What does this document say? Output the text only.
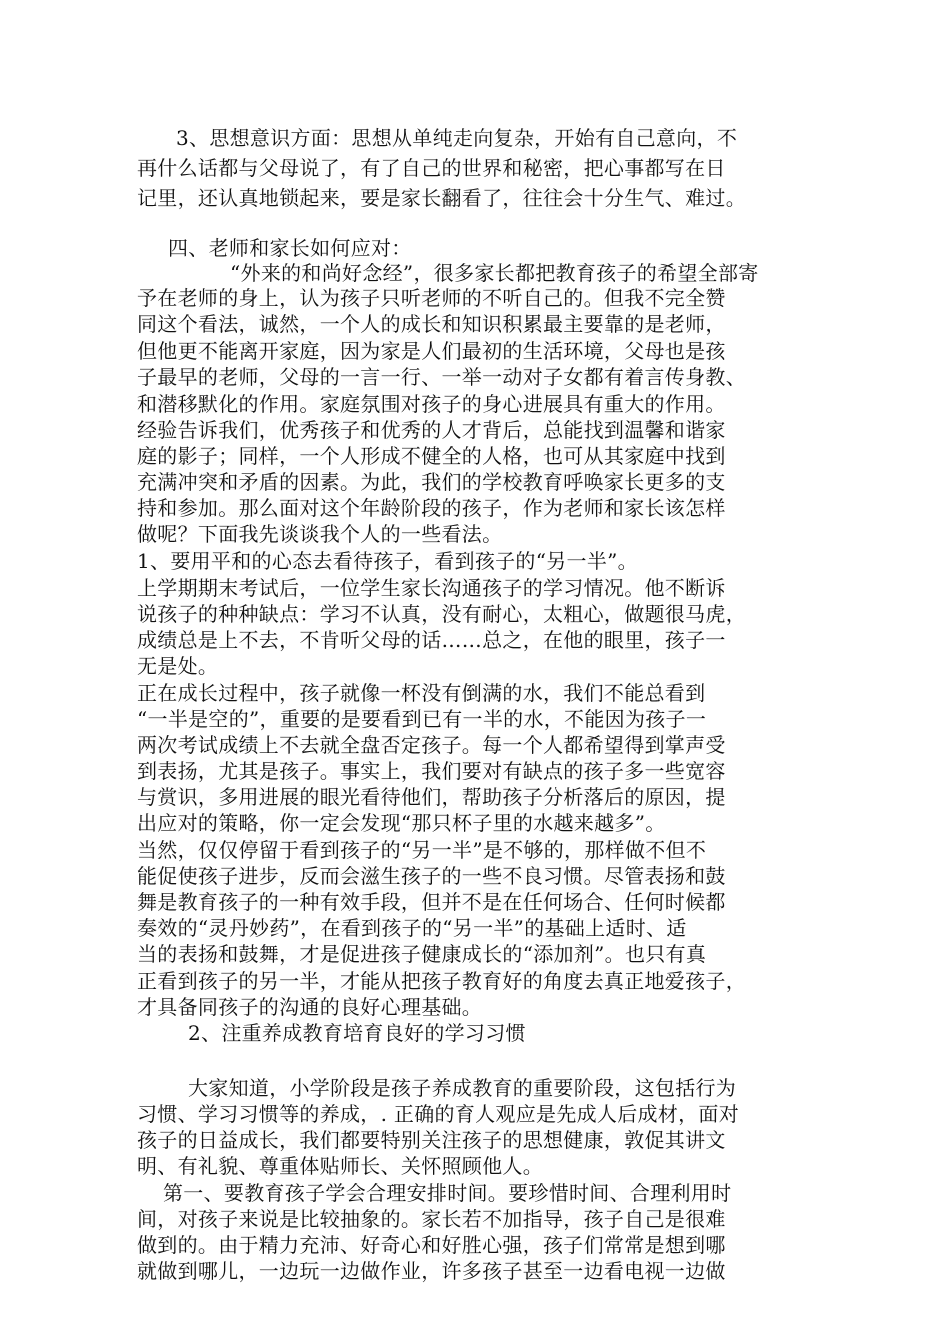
3、思想意识方面：思想从单纯走向复杂，开始有自己意向，不
再什么话都与父母说了，有了自己的世界和秘密，把心事都写在日
记里，还认真地锁起来，要是家长翻看了，往往会十分生气、难过。
四、老师和家长如何应对：
“外来的和尚好念经”，很多家长都把教育孩子的希望全部寄
予在老师的身上，认为孩子只听老师的不听自己的。但我不完全赞
同这个看法，诚然，一个人的成长和知识积累最主要靠的是老师，
但他更不能离开家庭，因为家是人们最初的生活环境，父母也是孩
子最早的老师，父母的一言一行、一举一动对子女都有着言传身教、
和潜移默化的作用。家庭氛围对孩子的身心进展具有重大的作用。
经验告诉我们，优秀孩子和优秀的人才背后，总能找到温馨和谐家
庭的影子；同样，一个人形成不健全的人格，也可从其家庭中找到
充满冲突和矛盾的因素。为此，我们的学校教育呼唤家长更多的支
持和参加。那么面对这个年龄阶段的孩子，作为老师和家长该怎样
做呢？下面我先谈谈我个人的一些看法。
1、要用平和的心态去看待孩子，看到孩子的“另一半”。
上学期期末考试后，一位学生家长沟通孩子的学习情况。他不断诉
说孩子的种种缺点：学习不认真，没有耐心，太粗心，做题很马虎，
成绩总是上不去，不肯听父母的话……总之，在他的眼里，孩子一
无是处。
正在成长过程中，孩子就像一杯没有倒满的水，我们不能总看到
“一半是空的”，重要的是要看到已有一半的水，不能因为孩子一
两次考试成绩上不去就全盘否定孩子。每一个人都希望得到掌声受
到表扬，尤其是孩子。事实上，我们要对有缺点的孩子多一些宽容
与赏识，多用进展的眼光看待他们，帮助孩子分析落后的原因，提
出应对的策略，你一定会发现“那只杯子里的水越来越多”。
当然，仅仅停留于看到孩子的“另一半”是不够的，那样做不但不
能促使孩子进步，反而会滋生孩子的一些不良习惯。尽管表扬和鼓
舞是教育孩子的一种有效手段，但并不是在任何场合、任何时候都
奏效的“灵丹妙药”，在看到孩子的“另一半”的基础上适时、适
当的表扬和鼓舞，才是促进孩子健康成长的“添加剂”。也只有真
正看到孩子的另一半，才能从把孩子教育好的角度去真正地爱孩子，
才具备同孩子的沟通的良好心理基础。
2、注重养成教育培育良好的学习习惯
大家知道，小学阶段是孩子养成教育的重要阶段，这包括行为
习惯、学习习惯等的养成，. 正确的育人观应是先成人后成材，面对
孩子的日益成长，我们都要特别关注孩子的思想健康，敦促其讲文
明、有礼貌、尊重体贴师长、关怀照顾他人。
第一、要教育孩子学会合理安排时间。要珍惜时间、合理利用时
间，对孩子来说是比较抽象的。家长若不加指导，孩子自己是很难
做到的。由于精力充沛、好奇心和好胜心强，孩子们常常是想到哪
就做到哪儿，一边玩一边做作业，许多孩子甚至一边看电视一边做
